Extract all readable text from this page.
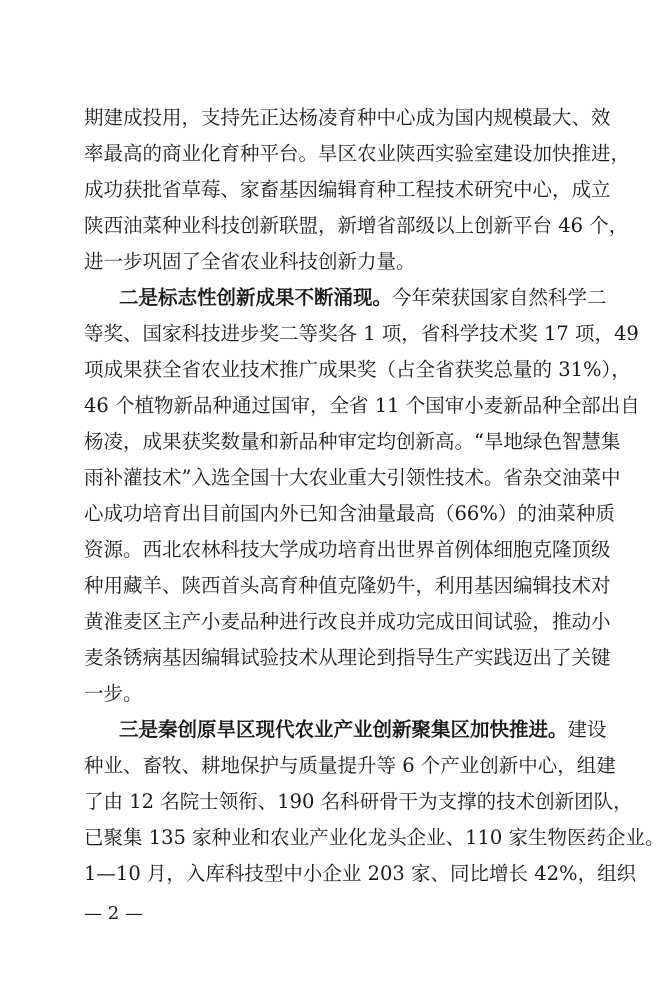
期建成投用，支持先正达杨凌育种中心成为国内规模最大、效
率最高的商业化育种平台。旱区农业陕西实验室建设加快推进，
成功获批省草莓、家畜基因编辑育种工程技术研究中心，成立
陕西油菜种业科技创新联盟，新增省部级以上创新平台 46 个，
进一步巩固了全省农业科技创新力量。
二是标志性创新成果不断涌现。今年荣获国家自然科学二
等奖、国家科技进步奖二等奖各 1 项，省科学技术奖 17 项，49
项成果获全省农业技术推广成果奖（占全省获奖总量的 31%），
46 个植物新品种通过国审，全省 11 个国审小麦新品种全部出自
杨凌，成果获奖数量和新品种审定均创新高。“旱地绿色智慧集
雨补灌技术”入选全国十大农业重大引领性技术。省杂交油菜中
心成功培育出目前国内外已知含油量最高（66%）的油菜种质
资源。西北农林科技大学成功培育出世界首例体细胞克隆顶级
种用藏羊、陕西首头高育种值克隆奶牛，利用基因编辑技术对
黄淮麦区主产小麦品种进行改良并成功完成田间试验，推动小
麦条锈病基因编辑试验技术从理论到指导生产实践迈出了关键
一步。
三是秦创原旱区现代农业产业创新聚集区加快推进。建设
种业、畜牧、耕地保护与质量提升等 6 个产业创新中心，组建
了由 12 名院士领衔、190 名科研骨干为支撑的技术创新团队，
已聚集 135 家种业和农业产业化龙头企业、110 家生物医药企业。
1—10 月，入库科技型中小企业 203 家、同比增长 42%，组织
— 2 —
